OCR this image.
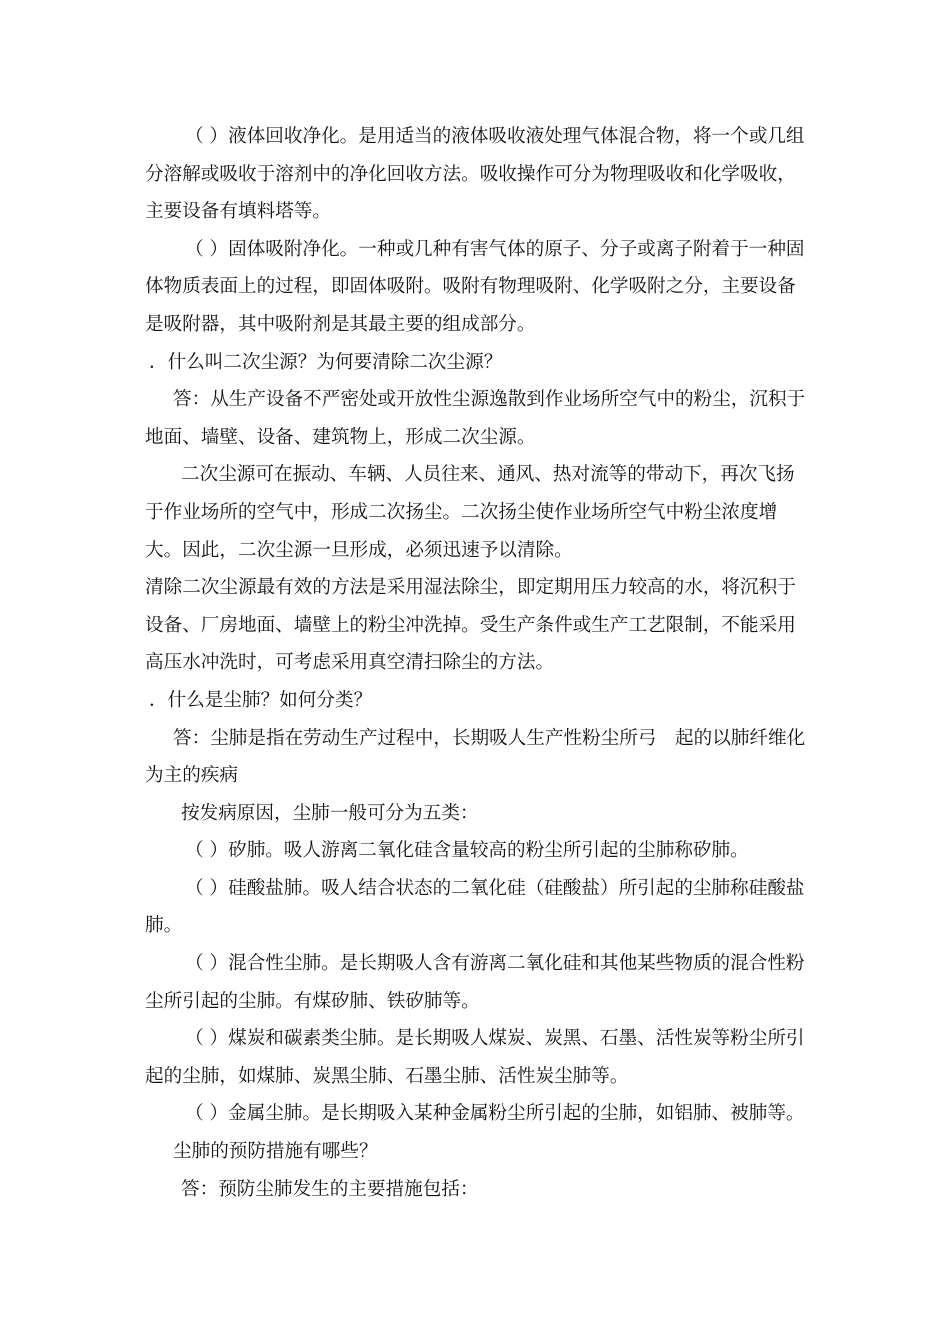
（ ）液体回收净化。是用适当的液体吸收液处理气体混合物，将一个或几组分溶解或吸收于溶剂中的净化回收方法。吸收操作可分为物理吸收和化学吸收，主要设备有填料塔等。

（ ）固体吸附净化。一种或几种有害气体的原子、分子或离子附着于一种固体物质表面上的过程，即固体吸附。吸附有物理吸附、化学吸附之分，主要设备是吸附器，其中吸附剂是其最主要的组成部分。

．什么叫二次尘源？为何要清除二次尘源？

答：从生产设备不严密处或开放性尘源逸散到作业场所空气中的粉尘，沉积于地面、墙壁、设备、建筑物上，形成二次尘源。

二次尘源可在振动、车辆、人员往来、通风、热对流等的带动下，再次飞扬于作业场所的空气中，形成二次扬尘。二次扬尘使作业场所空气中粉尘浓度增大。因此，二次尘源一旦形成，必须迅速予以清除。

清除二次尘源最有效的方法是采用湿法除尘，即定期用压力较高的水，将沉积于设备、厂房地面、墙壁上的粉尘冲洗掉。受生产条件或生产工艺限制，不能采用高压水冲洗时，可考虑采用真空清扫除尘的方法。

．什么是尘肺？如何分类？

答：尘肺是指在劳动生产过程中，长期吸人生产性粉尘所弓　起的以肺纤维化为主的疾病

按发病原因，尘肺一般可分为五类：

（ ）矽肺。吸人游离二氧化硅含量较高的粉尘所引起的尘肺称矽肺。

（ ）硅酸盐肺。吸人结合状态的二氧化硅（硅酸盐）所引起的尘肺称硅酸盐肺。

（ ）混合性尘肺。是长期吸人含有游离二氧化硅和其他某些物质的混合性粉尘所引起的尘肺。有煤矽肺、铁矽肺等。

（ ）煤炭和碳素类尘肺。是长期吸人煤炭、炭黑、石墨、活性炭等粉尘所引起的尘肺，如煤肺、炭黑尘肺、石墨尘肺、活性炭尘肺等。

（ ）金属尘肺。是长期吸入某种金属粉尘所引起的尘肺，如铝肺、被肺等。

尘肺的预防措施有哪些？

答：预防尘肺发生的主要措施包括：
